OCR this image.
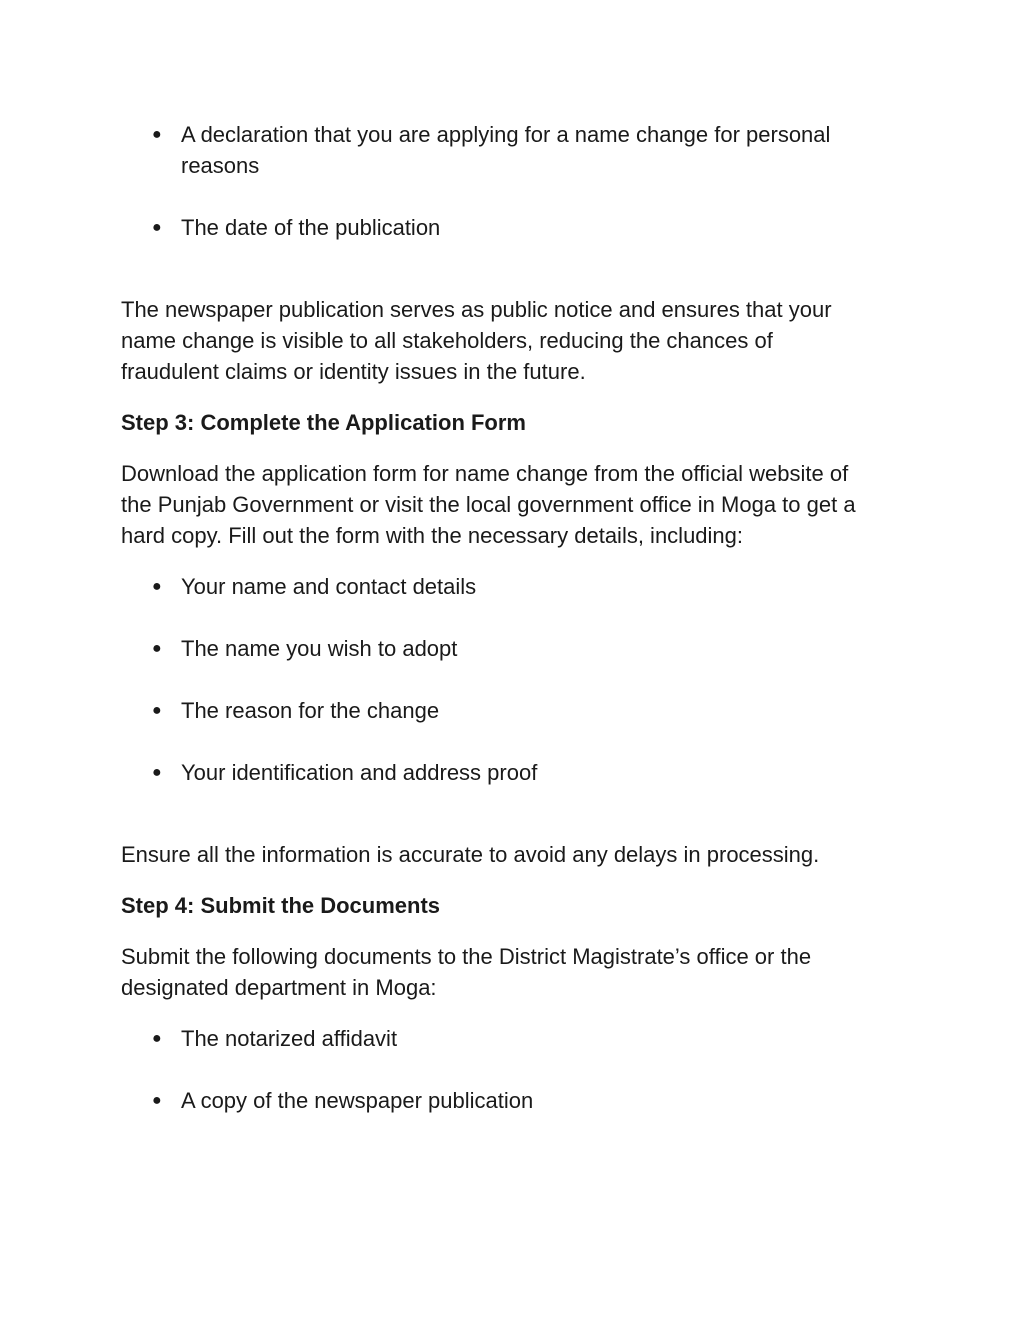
● A declaration that you are applying for a name change for personal
reasons
● The date of the publication
The newspaper publication serves as public notice and ensures that your
name change is visible to all stakeholders, reducing the chances of
fraudulent claims or identity issues in the future.
Step 3: Complete the Application Form
Download the application form for name change from the official website of
the Punjab Government or visit the local government office in Moga to get a
hard copy. Fill out the form with the necessary details, including:
● Your name and contact details
● The name you wish to adopt
● The reason for the change
● Your identification and address proof
Ensure all the information is accurate to avoid any delays in processing.
Step 4: Submit the Documents
Submit the following documents to the District Magistrate’s office or the
designated department in Moga:
● The notarized affidavit
● A copy of the newspaper publication
